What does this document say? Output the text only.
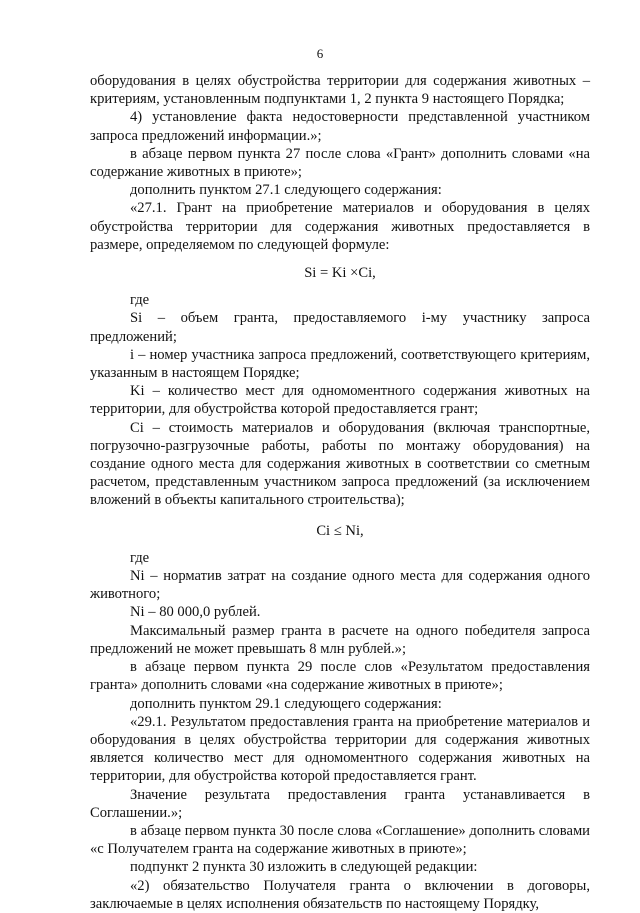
6

оборудования в целях обустройства территории для содержания животных – критериям, установленным подпунктами 1, 2 пункта 9 настоящего Порядка;

4) установление факта недостоверности представленной участником запроса предложений информации.»;

в абзаце первом пункта 27 после слова «Грант» дополнить словами «на содержание животных в приюте»;

дополнить пунктом 27.1 следующего содержания:

«27.1. Грант на приобретение материалов и оборудования в целях обустройства территории для содержания животных предоставляется в размере, определяемом по следующей формуле:

Si = Ki ×Ci,

где

Si – объем гранта, предоставляемого i-му участнику запроса предложений;

i – номер участника запроса предложений, соответствующего критериям, указанным в настоящем Порядке;

Ki – количество мест для одномоментного содержания животных на территории, для обустройства которой предоставляется грант;

Ci – стоимость материалов и оборудования (включая транспортные, погрузочно-разгрузочные работы, работы по монтажу оборудования) на создание одного места для содержания животных в соответствии со сметным расчетом, представленным участником запроса предложений (за исключением вложений в объекты капитального строительства);

Ci ≤ Ni,

где

Ni – норматив затрат на создание одного места для содержания одного животного;

Ni – 80 000,0 рублей.

Максимальный размер гранта в расчете на одного победителя запроса предложений не может превышать 8 млн рублей.»;

в абзаце первом пункта 29 после слов «Результатом предоставления гранта» дополнить словами «на содержание животных в приюте»;

дополнить пунктом 29.1 следующего содержания:

«29.1. Результатом предоставления гранта на приобретение материалов и оборудования в целях обустройства территории для содержания животных является количество мест для одномоментного содержания животных на территории, для обустройства которой предоставляется грант.

Значение результата предоставления гранта устанавливается в Соглашении.»;

в абзаце первом пункта 30 после слова «Соглашение» дополнить словами «с Получателем гранта на содержание животных в приюте»;

подпункт 2 пункта 30 изложить в следующей редакции:

«2) обязательство Получателя гранта о включении в договоры, заключаемые в целях исполнения обязательств по настоящему Порядку,
